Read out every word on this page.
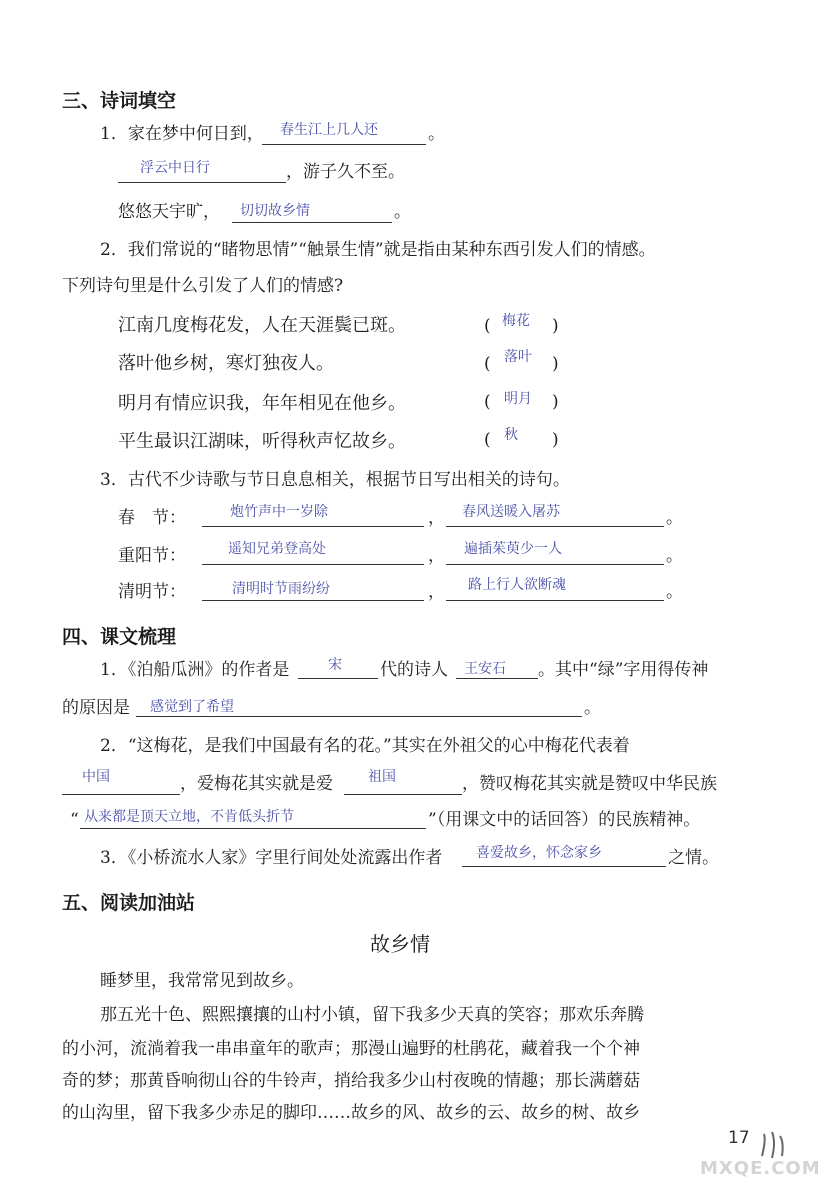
三、诗词填空
1．家在梦中何日到， 春生江上几人还	。
浮云中日行	，游子久不至。
悠悠天宇旷， 切切故乡情	。
2．我们常说的“睹物思情”“触景生情”就是指由某种东西引发人们的情感。
下列诗句里是什么引发了人们的情感?
江南几度梅花发，人在天涯鬓已斑。	( 梅花 )
落叶他乡树，寒灯独夜人。	( 落叶 )
明月有情应识我，年年相见在他乡。	( 明月 )
平生最识江湖味，听得秋声忆故乡。	( 秋 )
3．古代不少诗歌与节日息息相关，根据节日写出相关的诗句。
春　节：	炮竹声中一岁除	， 春风送暖入屠苏	。
重阳节：	遥知兄弟登高处	， 遍插茱萸少一人	。
清明节：	清明时节雨纷纷	， 路上行人欲断魂	。
四、课文梳理
1．《泊船瓜洲》的作者是	宋 代的诗人 王安石 。其中“绿”字用得传神
的原因是 感觉到了希望	。
2．“这梅花，是我们中国最有名的花。”其实在外祖父的心中梅花代表着
中国	，爱梅花其实就是爱	祖国	，赞叹梅花其实就是赞叹中华民族
“ 从来都是顶天立地，不肯低头折节	”（用课文中的话回答）的民族精神。
3．《小桥流水人家》字里行间处处流露出作者 喜爱故乡，怀念家乡	之情。
五、阅读加油站
故乡情
睡梦里，我常常见到故乡。
那五光十色、熙熙攘攘的山村小镇，留下我多少天真的笑容；那欢乐奔腾
的小河，流淌着我一串串童年的歌声；那漫山遍野的杜鹃花，藏着我一个个神
奇的梦；那黄昏响彻山谷的牛铃声，捎给我多少山村夜晚的情趣；那长满蘑菇
的山沟里，留下我多少赤足的脚印……故乡的风、故乡的云、故乡的树、故乡
17
MXQE.COM
